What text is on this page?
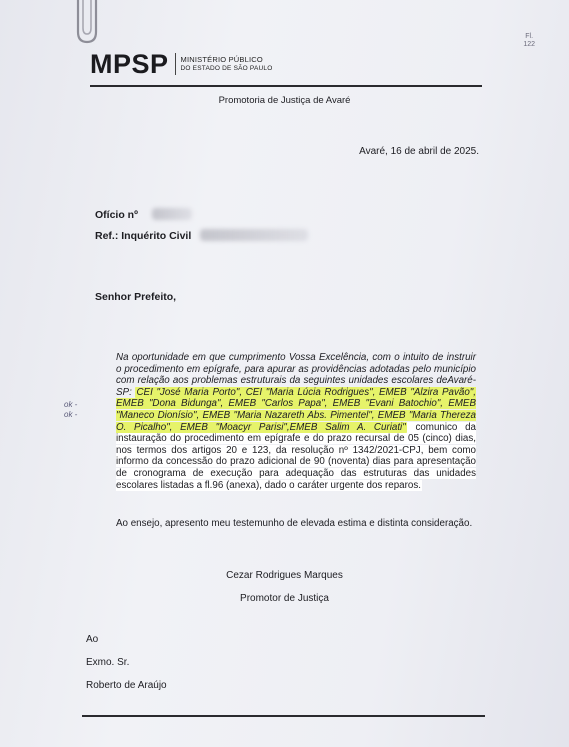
Fl.
122
MPSP MINISTÉRIO PÚBLICO
DO ESTADO DE SÃO PAULO
Promotoria de Justiça de Avaré
Avaré, 16 de abril de 2025.
Ofício nº
Ref.: Inquérito Civil
Senhor Prefeito,
ok -
ok -

Na oportunidade em que cumprimento Vossa Excelência, com o intuito de instruir o procedimento em epígrafe, para apurar as providências adotadas pelo município com relação aos problemas estruturais da seguintes unidades escolares deAvaré-SP: CEI "José Maria Porto", CEI "Maria Lúcia Rodrigues", EMEB "Alzira Pavão", EMEB "Dona Bidunga", EMEB "Carlos Papa", EMEB "Evani Batochio", EMEB "Maneco Dionísio", EMEB "Maria Nazareth Abs. Pimentel", EMEB "Maria Thereza O. Picalho", EMEB "Moacyr Parisi",EMEB Salim A. Curiati" comunico da instauração do procedimento em epígrafe e do prazo recursal de 05 (cinco) dias, nos termos dos artigos 20 e 123, da resolução nº 1342/2021-CPJ, bem como informo da concessão do prazo adicional de 90 (noventa) dias para apresentação de cronograma de execução para adequação das estruturas das unidades escolares listadas a fl.96 (anexa), dado o caráter urgente dos reparos.

Ao ensejo, apresento meu testemunho de elevada estima e distinta consideração.

Cezar Rodrigues Marques
Promotor de Justiça
Ao
Exmo. Sr.
Roberto de Araújo
